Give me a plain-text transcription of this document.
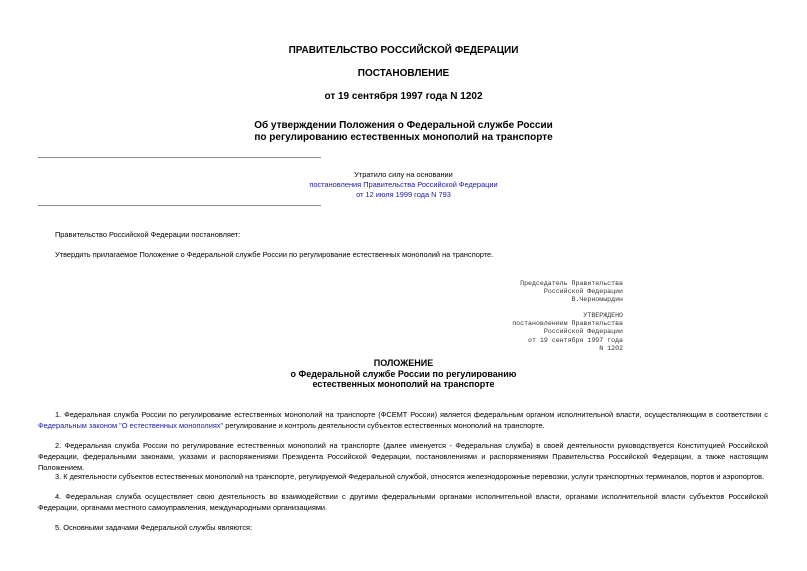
ПРАВИТЕЛЬСТВО РОССИЙСКОЙ ФЕДЕРАЦИИ
ПОСТАНОВЛЕНИЕ
от 19 сентября 1997 года N 1202
Об утверждении Положения о Федеральной службе России
по регулированию естественных монополий на транспорте
Утратило силу на основании
постановления Правительства Российской Федерации
от 12 июля 1999 года N 793
Правительство Российской Федерации постановляет:
Утвердить прилагаемое Положение о Федеральной службе России по регулирование естественных монополий на транспорте.
Председатель Правительства
Российской Федерации
В.Черномырдин
УТВЕРЖДЕНО
постановлением Правительства
Российской Федерации
от 19 сентября 1997 года
N 1202
ПОЛОЖЕНИЕ
о Федеральной службе России по регулированию
естественных монополий на транспорте
1. Федеральная служба России по регулирование естественных монополий на транспорте (ФСЕМТ России) является федеральным органом исполнительной власти, осуществляющим в соответствии с Федеральным законом "О естественных монополиях" регулирование и контроль деятельности субъектов естественных монополий на транспорте.
2. Федеральная служба России по регулирование естественных монополий на транспорте (далее именуется - Федеральная служба) в своей деятельности руководствуется Конституцией Российской Федерации, федеральными законами, указами и распоряжениями Президента Российской Федерации, постановлениями и распоряжениями Правительства Российской Федерации, а также настоящим Положением.
3. К деятельности субъектов естественных монополий на транспорте, регулируемой Федеральной службой, относятся железнодорожные перевозки, услуги транспортных терминалов, портов и аэропортов.
4. Федеральная служба осуществляет свою деятельность во взаимодействии с другими федеральными органами исполнительной власти, органами исполнительной власти субъектов Российской Федерации, органами местного самоуправления, международными организациями.
5. Основными задачами Федеральной службы являются:
